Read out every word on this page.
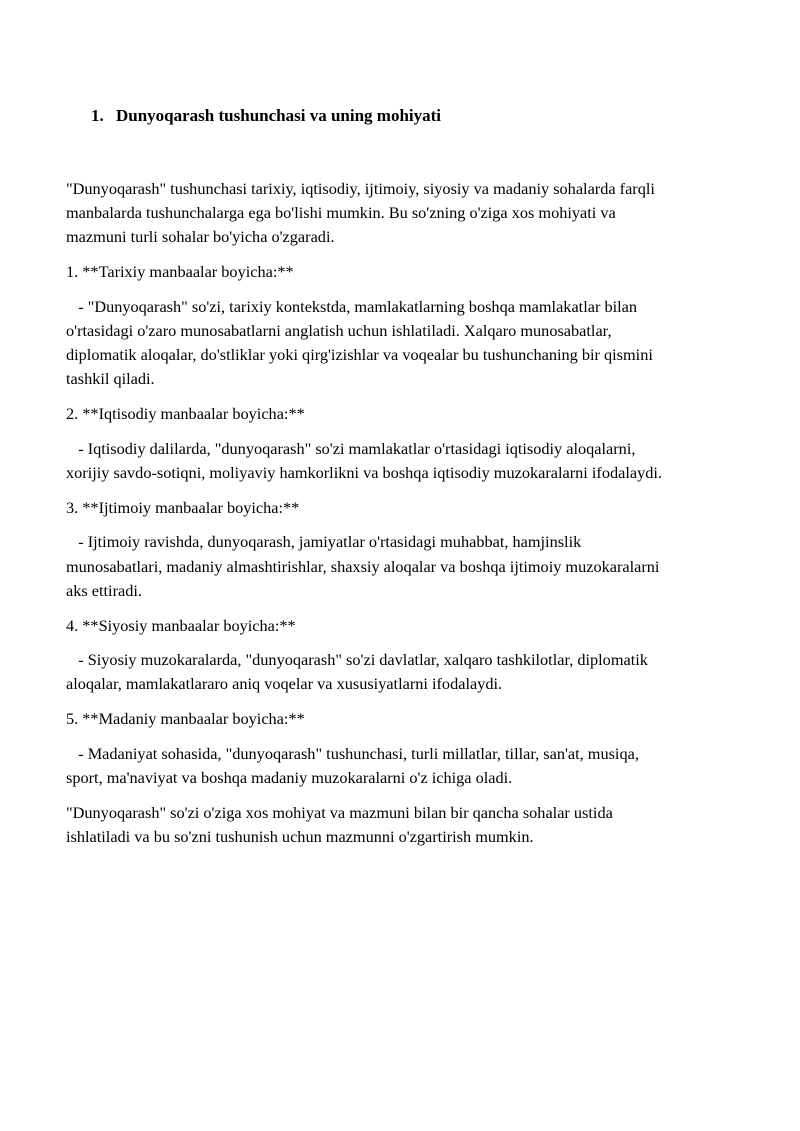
1. Dunyoqarash tushunchasi va uning mohiyati

"Dunyoqarash" tushunchasi tarixiy, iqtisodiy, ijtimoiy, siyosiy va madaniy sohalarda farqli
manbalarda tushunchalarga ega bo'lishi mumkin. Bu so'zning o'ziga xos mohiyati va
mazmuni turli sohalar bo'yicha o'zgaradi.

1. **Tarixiy manbaalar boyicha:**

- "Dunyoqarash" so'zi, tarixiy kontekstda, mamlakatlarning boshqa mamlakatlar bilan
o'rtasidagi o'zaro munosabatlarni anglatish uchun ishlatiladi. Xalqaro munosabatlar,
diplomatik aloqalar, do'stliklar yoki qirg'izishlar va voqealar bu tushunchaning bir qismini
tashkil qiladi.

2. **Iqtisodiy manbaalar boyicha:**

- Iqtisodiy dalilarda, "dunyoqarash" so'zi mamlakatlar o'rtasidagi iqtisodiy aloqalarni,
xorijiy savdo-sotiqni, moliyaviy hamkorlikni va boshqa iqtisodiy muzokaralarni ifodalaydi.

3. **Ijtimoiy manbaalar boyicha:**

- Ijtimoiy ravishda, dunyoqarash, jamiyatlar o'rtasidagi muhabbat, hamjinslik
munosabatlari, madaniy almashtirishlar, shaxsiy aloqalar va boshqa ijtimoiy muzokaralarni
aks ettiradi.

4. **Siyosiy manbaalar boyicha:**

- Siyosiy muzokaralarda, "dunyoqarash" so'zi davlatlar, xalqaro tashkilotlar, diplomatik
aloqalar, mamlakatlararo aniq voqelar va xususiyatlarni ifodalaydi.

5. **Madaniy manbaalar boyicha:**

- Madaniyat sohasida, "dunyoqarash" tushunchasi, turli millatlar, tillar, san'at, musiqa,
sport, ma'naviyat va boshqa madaniy muzokaralarni o'z ichiga oladi.

"Dunyoqarash" so'zi o'ziga xos mohiyat va mazmuni bilan bir qancha sohalar ustida
ishlatiladi va bu so'zni tushunish uchun mazmunni o'zgartirish mumkin.
